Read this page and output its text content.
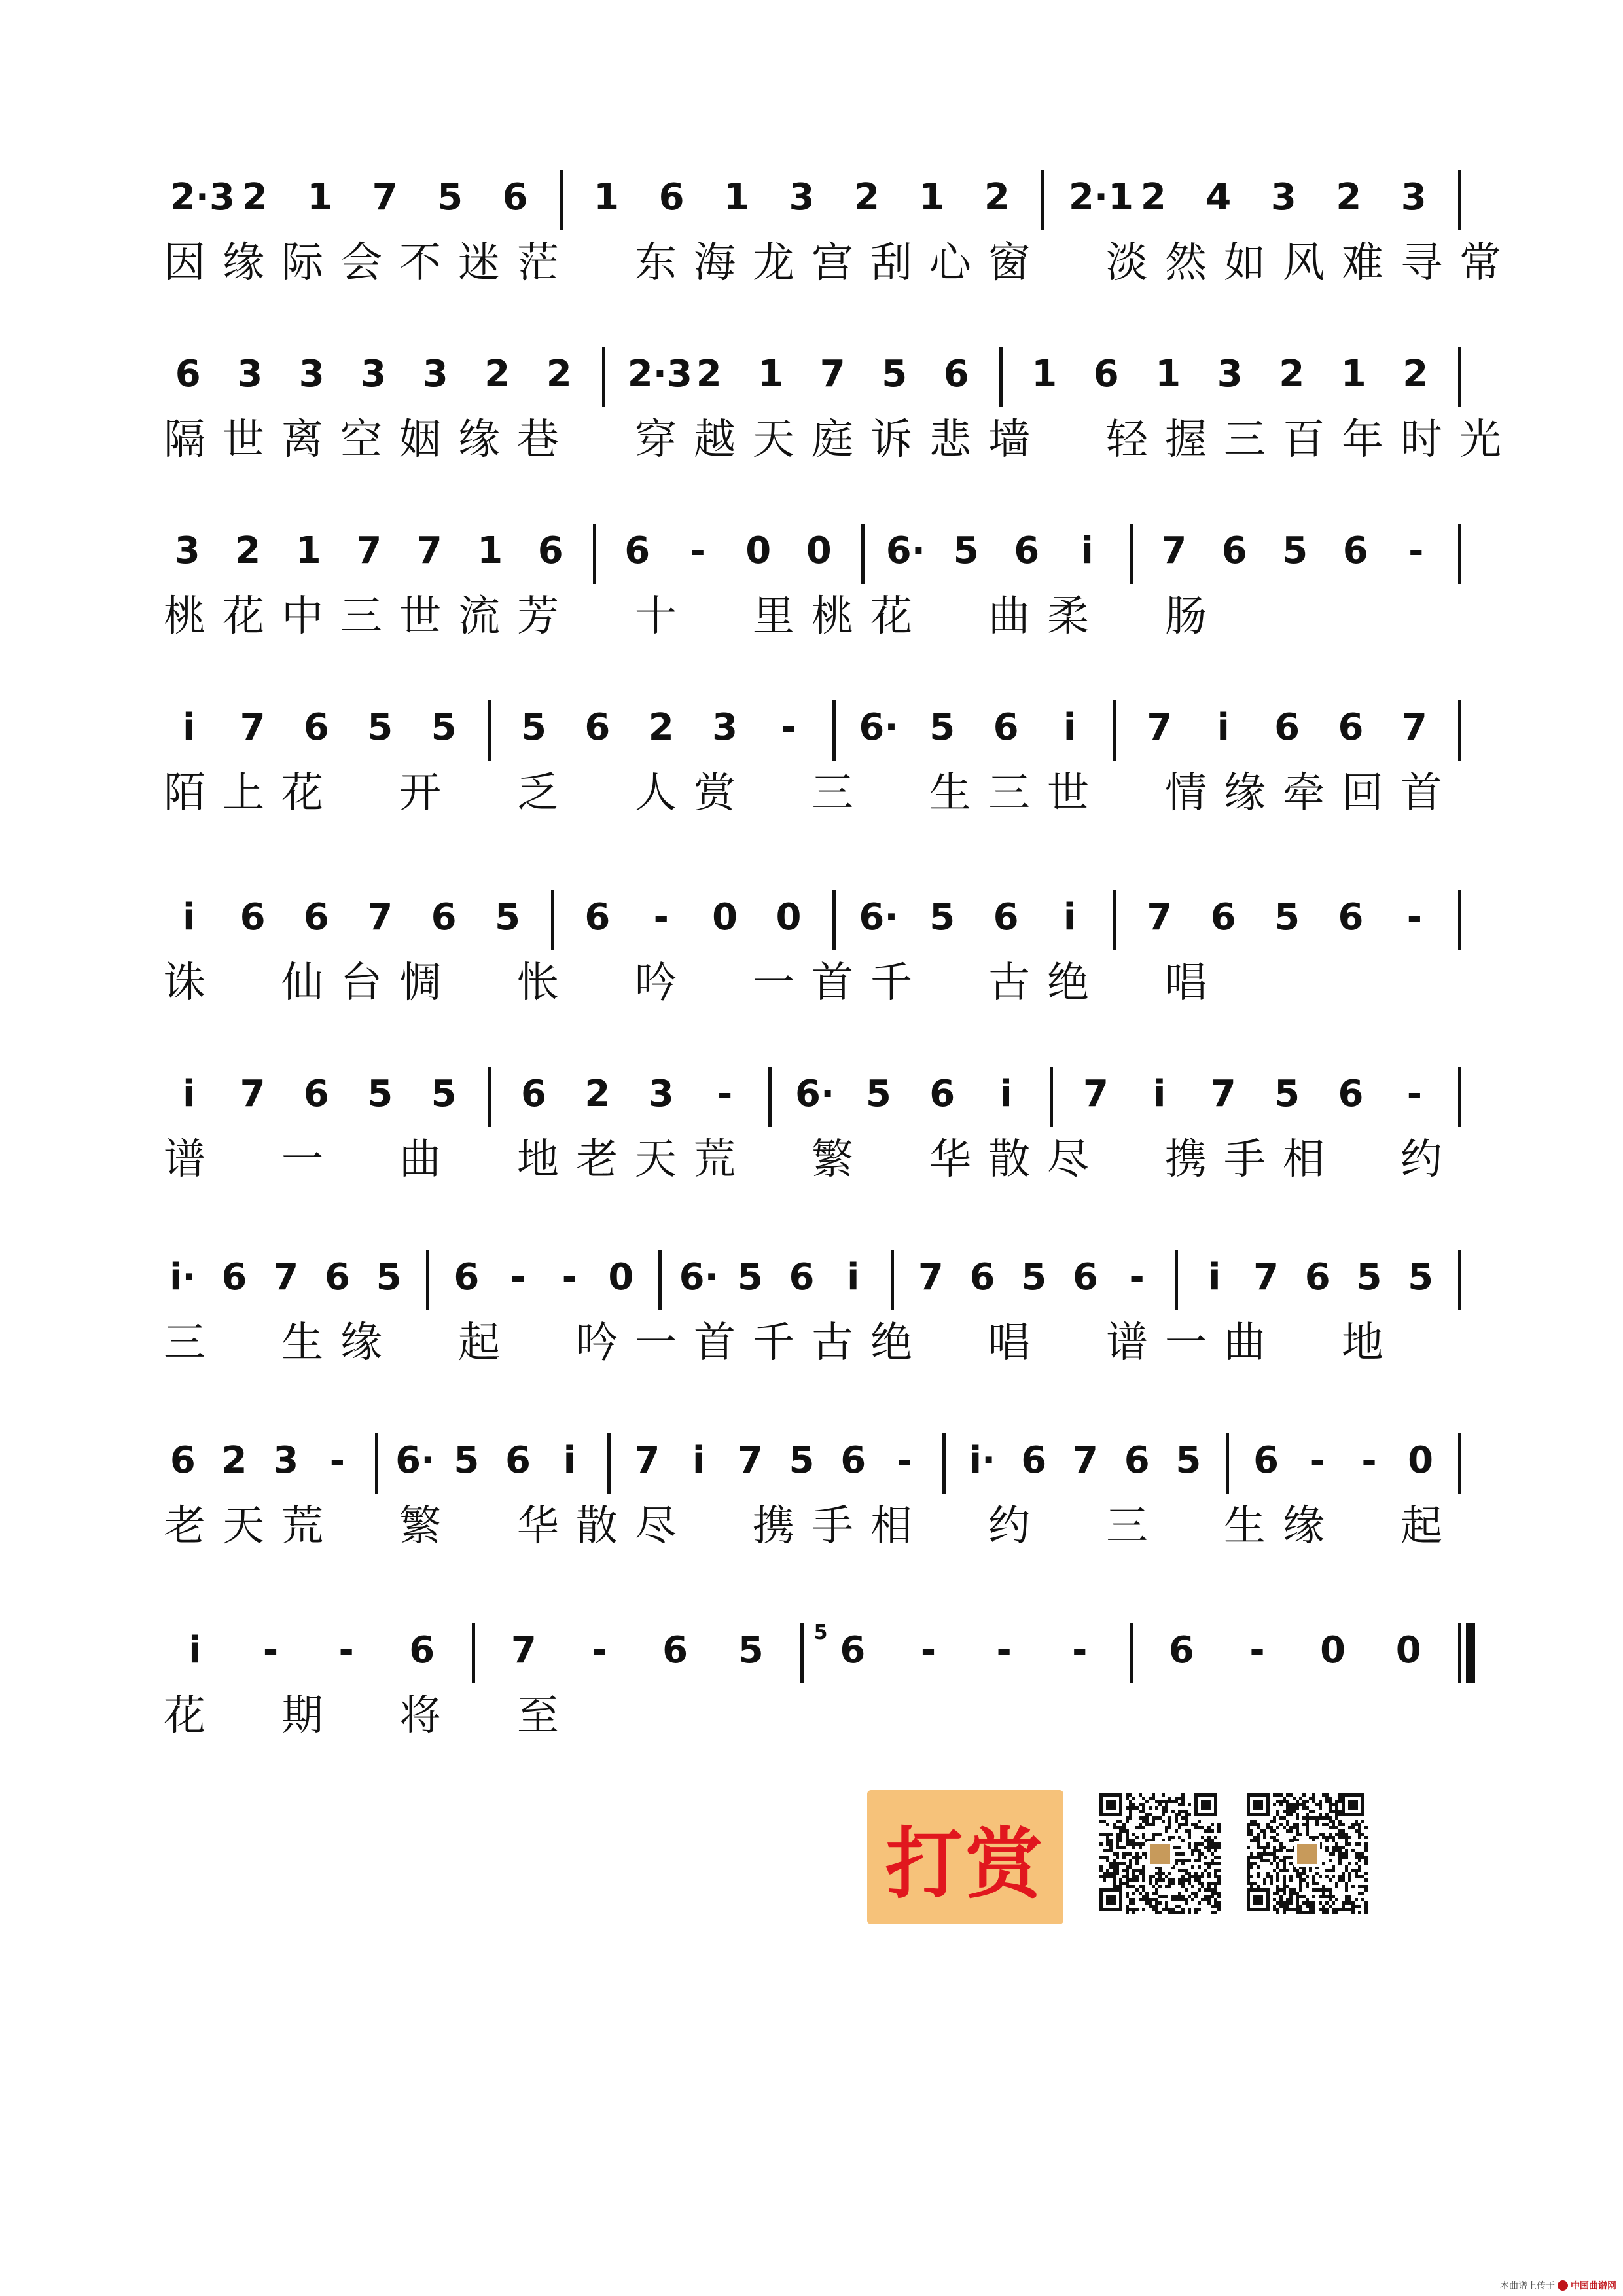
2·3 2 1 7 5 6 1 6 1 3 2 1 2 2·1 2 4 3 2 3
因 缘 际 会 不 迷 茫 东 海 龙 宫 刮 心 窗 淡 然 如 风 难 寻 常
6 3 3 3 3 2 2 2·3 2 1 7 5 6 1 6 1 3 2 1 2
隔 世 离 空 姻 缘 巷 穿 越 天 庭 诉 悲 墙 轻 握 三 百 年 时 光
3 2 1 7 7 1 6 6	-	0 0 6· 5 6	i	7 6 5 6	-
桃 花 中 三 世 流 芳 十 里 桃 花 曲 柔 肠
i	7 6 5 5 5 6 2 3	-	6· 5 6	i	7	i	6 6 7
陌 上 花 开 乏 人 赏 三 生 三 世 情 缘 牵 回 首
i	6 6 7 6 5 6	-	0 0 6· 5 6	i	7 6 5 6	-
诛 仙 台 惆 怅 吟 一 首 千 古 绝 唱
i	7 6 5 5 6 2 3	-	6· 5 6	i	7	i	7 5 6	-
谱 一 曲 地 老 天 荒 繁 华 散 尽 携 手 相 约
i· 6 7 6 5 6 - - 0 6· 5 6 i	7 6 5 6 -	i 7 6 5 5
三 生 缘 起 吟 一 首 千 古 绝 唱 谱 一 曲 地
6 2 3 -	6· 5 6 i	7 i 7 5 6 -	i· 6 7 6 5 6 - - 0
老 天 荒 繁 华 散 尽 携 手 相 约 三 生 缘 起
i	-	-	6 7	-	6 5	5 6	-	-	-	6	-	0 0
花 期 将 至
打赏
本曲谱上传于 中国曲谱网
